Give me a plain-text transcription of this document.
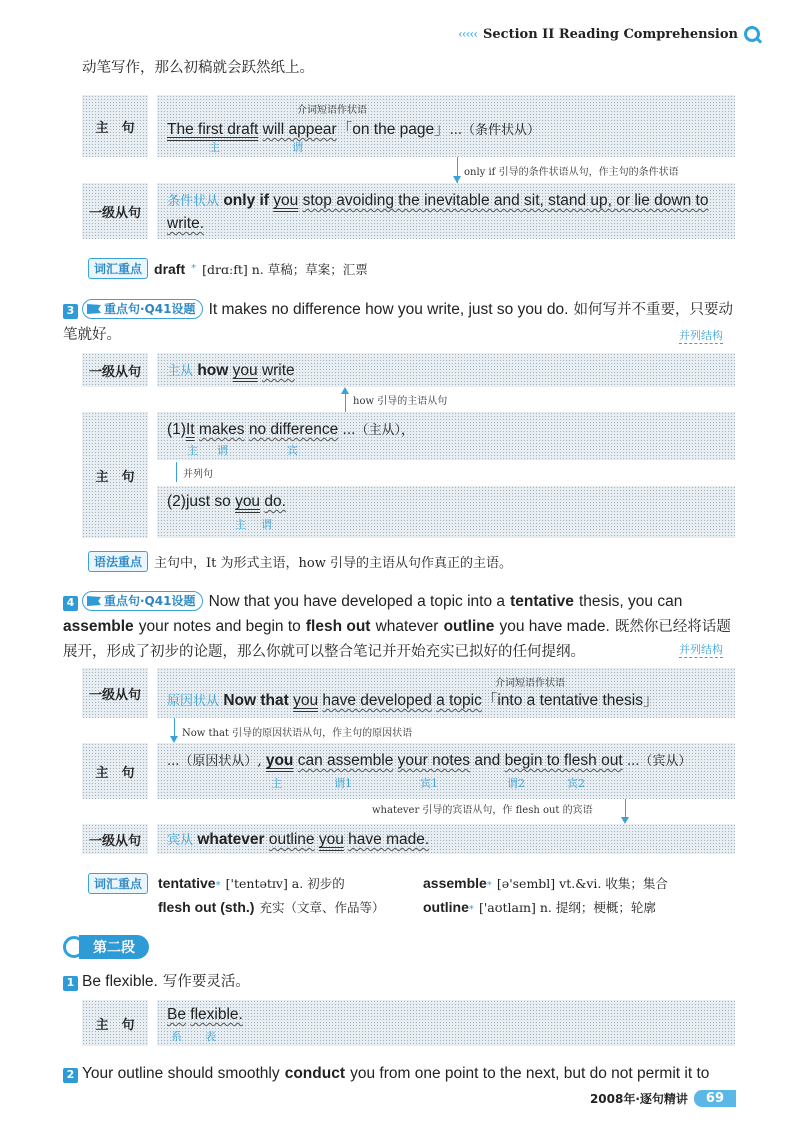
‹‹‹‹‹ Section II Reading Comprehension
动笔写作，那么初稿就会跃然纸上。
主　句
介词短语作状语
The first draft will appear「on the page」...（条件状从）
主	谓
only if 引导的条件状语从句，作主句的条件状语
一级从句
条件状从 only if you stop avoiding the inevitable and sit, stand up, or lie down to write.
词汇重点 draft * [drɑːft] n. 草稿；草案；汇票
3 重点句·Q41设题 It makes no difference how you write, just so you do. 如何写并不重要，只要动笔就好。	并列结构
一级从句	主从 how you write
how 引导的主语从句
主　句
(1)It makes no difference ...（主从），
主 谓	宾
并列句
(2)just so you do.
主 谓
语法重点 主句中，It 为形式主语，how 引导的主语从句作真正的主语。
4 重点句·Q41设题 Now that you have developed a topic into a tentative thesis, you can assemble your notes and begin to flesh out whatever outline you have made. 既然你已经将话题 展开，形成了初步的论题，那么你就可以整合笔记并开始充实已拟好的任何提纲。	并列结构
一级从句
介词短语作状语
原因状从 Now that you have developed a topic「into a tentative thesis」
Now that 引导的原因状语从句，作主句的原因状语
主　句
...（原因状从）, you can assemble your notes and begin to flesh out ...（宾从）
主	谓1	宾1	谓2	宾2
whatever 引导的宾语从句，作 flesh out 的宾语
一级从句	宾从 whatever outline you have made.
词汇重点	tentative* ['tentətɪv] a. 初步的	assemble* [ə'sembl] vt.&vi. 收集；集合
flesh out (sth.) 充实（文章、作品等）	outline* ['aʊtlaɪn] n. 提纲；梗概；轮廓
第二段
1 Be flexible. 写作要灵活。
主　句
Be flexible.
系 表
2 Your outline should smoothly conduct you from one point to the next, but do not permit it to
2008年·逐句精讲	69
